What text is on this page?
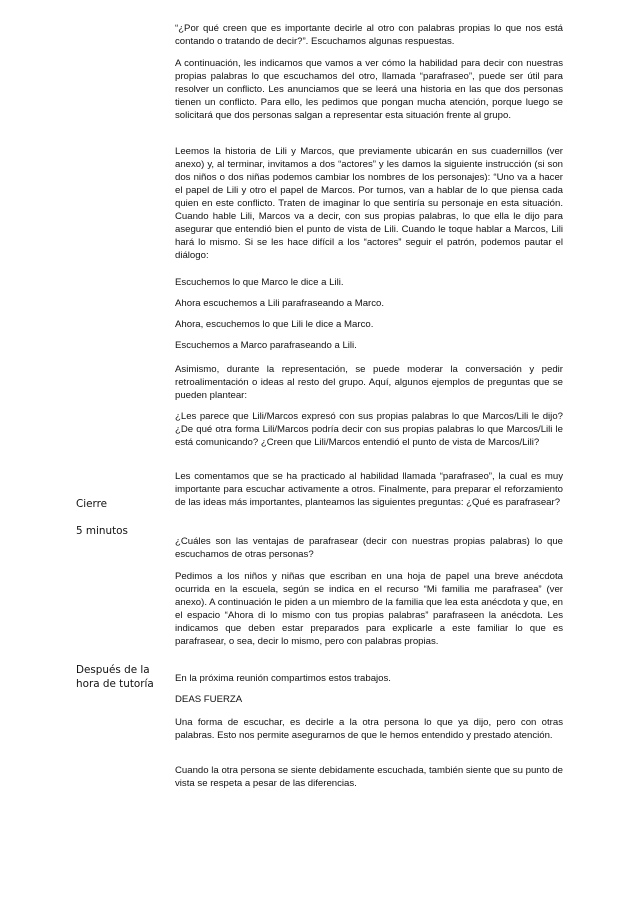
Cierre

5 minutos

Después de la hora de tutoría

“¿Por qué creen que es importante decirle al otro con palabras propias lo que nos está contando o tratando de decir?”. Escuchamos algunas respuestas.

A continuación, les indicamos que vamos a ver cómo la habilidad para decir con nuestras propias palabras lo que escuchamos del otro, llamada “parafraseo”, puede ser útil para resolver un conflicto. Les anunciamos que se leerá una historia en las que dos personas tienen un conflicto. Para ello, les pedimos que pongan mucha atención, porque luego se solicitará que dos personas salgan a representar esta situación frente al grupo.

Leemos la historia de Lili y Marcos, que previamente ubicarán en sus cuadernillos (ver anexo) y, al terminar, invitamos a dos “actores” y les damos la siguiente instrucción (si son dos niños o dos niñas podemos cambiar los nombres de los personajes): “Uno va a hacer el papel de Lili y otro el papel de Marcos. Por turnos, van a hablar de lo que piensa cada quien en este conflicto. Traten de imaginar lo que sentiría su personaje en esta situación. Cuando hable Lili, Marcos va a decir, con sus propias palabras, lo que ella le dijo para asegurar que entendió bien el punto de vista de Lili. Cuando le toque hablar a Marcos, Lili hará lo mismo. Si se les hace difícil a los “actores” seguir el patrón, podemos pautar el diálogo:

Escuchemos lo que Marco le dice a Lili.

Ahora escuchemos a Lili parafraseando a Marco.

Ahora, escuchemos lo que Lili le dice a Marco.

Escuchemos a Marco parafraseando a Lili.

Asimismo, durante la representación, se puede moderar la conversación y pedir retroalimentación o ideas al resto del grupo. Aquí, algunos ejemplos de preguntas que se pueden plantear:

¿Les parece que Lili/Marcos expresó con sus propias palabras lo que Marcos/Lili le dijo? ¿De qué otra forma Lili/Marcos podría decir con sus propias palabras lo que Marcos/Lili le está comunicando? ¿Creen que Lili/Marcos entendió el punto de vista de Marcos/Lili?

Les comentamos que se ha practicado al habilidad llamada “parafraseo”, la cual es muy importante para escuchar activamente a otros. Finalmente, para preparar el reforzamiento de las ideas más importantes, planteamos las siguientes preguntas: ¿Qué es parafrasear?

¿Cuáles son las ventajas de parafrasear (decir con nuestras propias palabras) lo que escuchamos de otras personas?

Pedimos a los niños y niñas que escriban en una hoja de papel una breve anécdota ocurrida en la escuela, según se indica en el recurso “Mi familia me parafrasea” (ver anexo). A continuación le piden a un miembro de la familia que lea esta anécdota y que, en el espacio “Ahora di lo mismo con tus propias palabras” parafraseen la anécdota. Les indicamos que deben estar preparados para explicarle a este familiar lo que es parafrasear, o sea, decir lo mismo, pero con palabras propias.

En la próxima reunión compartimos estos trabajos.

DEAS FUERZA

Una forma de escuchar, es decirle a la otra persona lo que ya dijo, pero con otras palabras. Esto nos permite asegurarnos de que le hemos entendido y prestado atención.

Cuando la otra persona se siente debidamente escuchada, también siente que su punto de vista se respeta a pesar de las diferencias.
